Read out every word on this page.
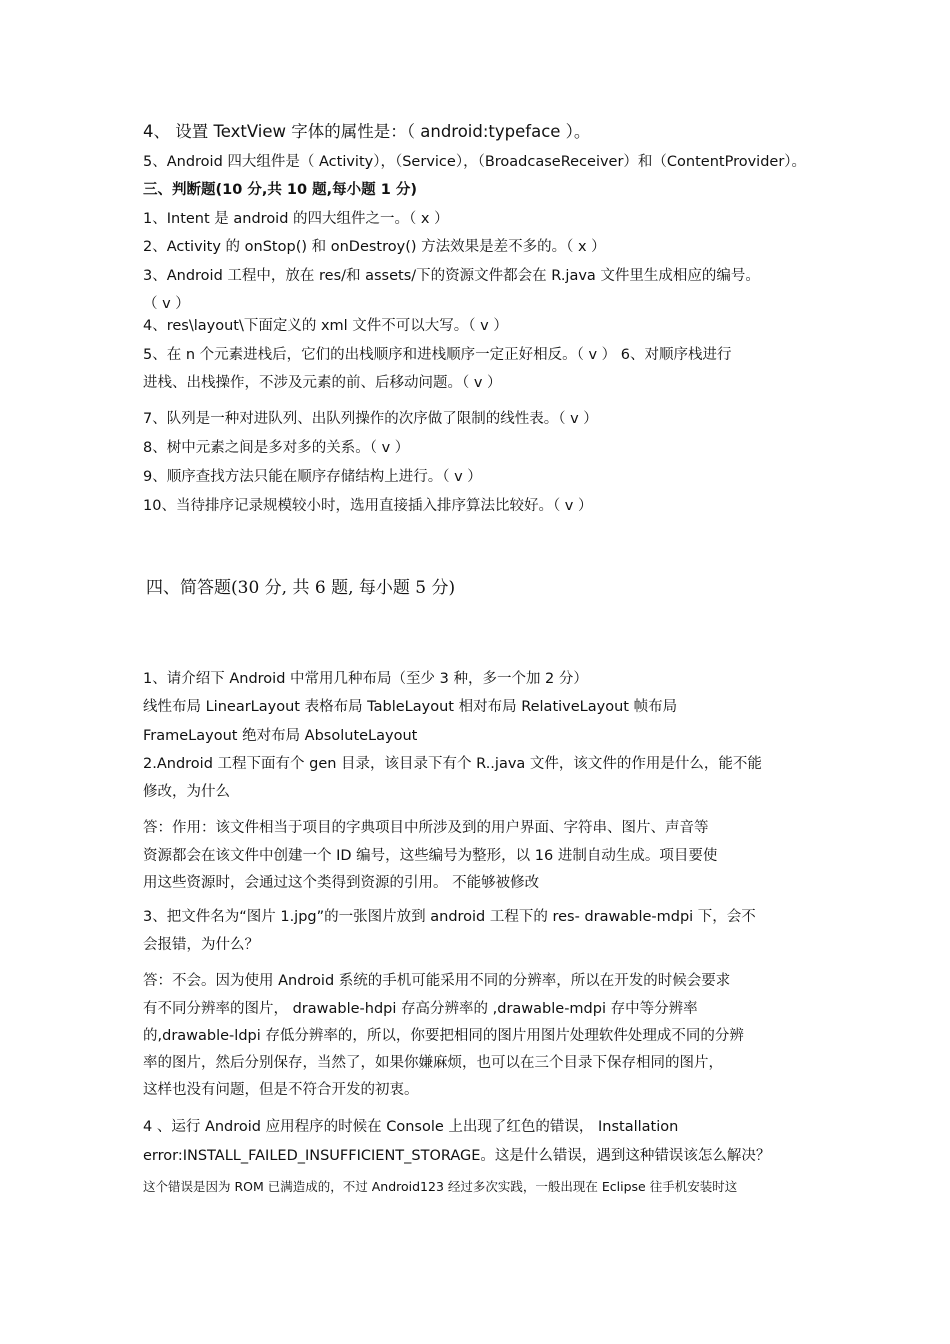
4、 设置 TextView 字体的属性是：（ android:typeface ）。
5、Android 四大组件是（ Activity），（Service），（BroadcaseReceiver）和（ContentProvider）。
三、判断题(10 分,共 10 题,每小题 1 分)
1、Intent 是 android 的四大组件之一。（ x ）
2、Activity 的 onStop() 和 onDestroy() 方法效果是差不多的。（ x ）
3、Android 工程中，放在 res/和 assets/下的资源文件都会在 R.java 文件里生成相应的编号。
（ v ）
4、res\layout\下面定义的 xml 文件不可以大写。（ v ）
5、在 n 个元素进栈后，它们的出栈顺序和进栈顺序一定正好相反。（ v ） 6、对顺序栈进行
进栈、出栈操作，不涉及元素的前、后移动问题。（ v ）
7、队列是一种对进队列、出队列操作的次序做了限制的线性表。（ v ）
8、树中元素之间是多对多的关系。（ v ）
9、顺序查找方法只能在顺序存储结构上进行。（ v ）
10、当待排序记录规模较小时，选用直接插入排序算法比较好。（ v ）
四、简答题(30 分, 共 6 题, 每小题 5 分)
1、请介绍下 Android 中常用几种布局（至少 3 种，多一个加 2 分）
线性布局 LinearLayout 表格布局 TableLayout 相对布局 RelativeLayout 帧布局
FrameLayout 绝对布局 AbsoluteLayout
2.Android 工程下面有个 gen 目录，该目录下有个 R..java 文件，该文件的作用是什么，能不能
修改，为什么
答：作用：该文件相当于项目的字典项目中所涉及到的用户界面、字符串、图片、声音等
资源都会在该文件中创建一个 ID 编号，这些编号为整形，以 16 进制自动生成。项目要使
用这些资源时，会通过这个类得到资源的引用。 不能够被修改
3、把文件名为“图片 1.jpg”的一张图片放到 android 工程下的 res- drawable-mdpi 下，会不
会报错，为什么？
答：不会。因为使用 Android 系统的手机可能采用不同的分辨率，所以在开发的时候会要求
有不同分辨率的图片， drawable-hdpi 存高分辨率的 ,drawable-mdpi 存中等分辨率
的,drawable-ldpi 存低分辨率的，所以，你要把相同的图片用图片处理软件处理成不同的分辨
率的图片，然后分别保存，当然了，如果你嫌麻烦，也可以在三个目录下保存相同的图片，
这样也没有问题，但是不符合开发的初衷。
4 、运行 Android 应用程序的时候在 Console 上出现了红色的错误， Installation
error:INSTALL_FAILED_INSUFFICIENT_STORAGE。这是什么错误，遇到这种错误该怎么解决？
这个错误是因为 ROM 已满造成的，不过 Android123 经过多次实践，一般出现在 Eclipse 往手机安装时这
